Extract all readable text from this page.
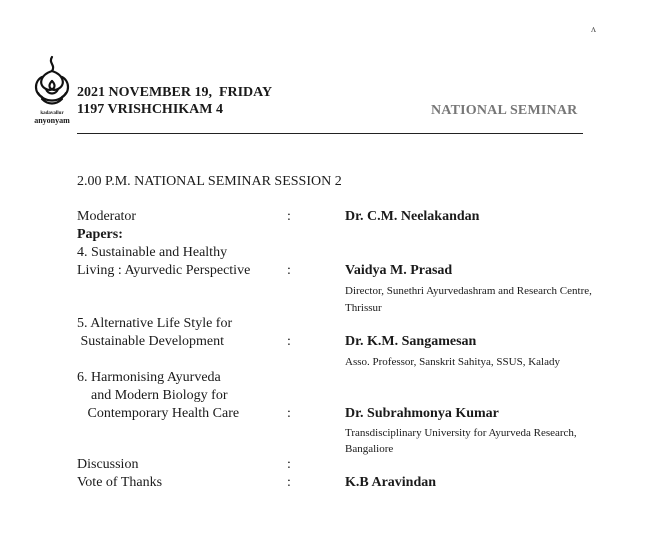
kadavallur
anyonyam
ʌ
2021 NOVEMBER 19,  FRIDAY
1197 VRISHCHIKAM 4	NATIONAL SEMINAR
2.00 P.M. NATIONAL SEMINAR SESSION 2
Moderator	:	Dr. C.M. Neelakandan
Papers:
4. Sustainable and Healthy
Living : Ayurvedic Perspective	:	Vaidya M. Prasad
Director, Sunethri Ayurvedashram and Research Centre,
Thrissur
5. Alternative Life Style for
Sustainable Development	:	Dr. K.M. Sangamesan
Asso. Professor, Sanskrit Sahitya, SSUS, Kalady
6. Harmonising Ayurveda
and Modern Biology for
Contemporary Health Care	:	Dr. Subrahmonya Kumar
Transdisciplinary University for Ayurveda Research,
Bangaliore
Discussion	:
Vote of Thanks	:	K.B Aravindan
